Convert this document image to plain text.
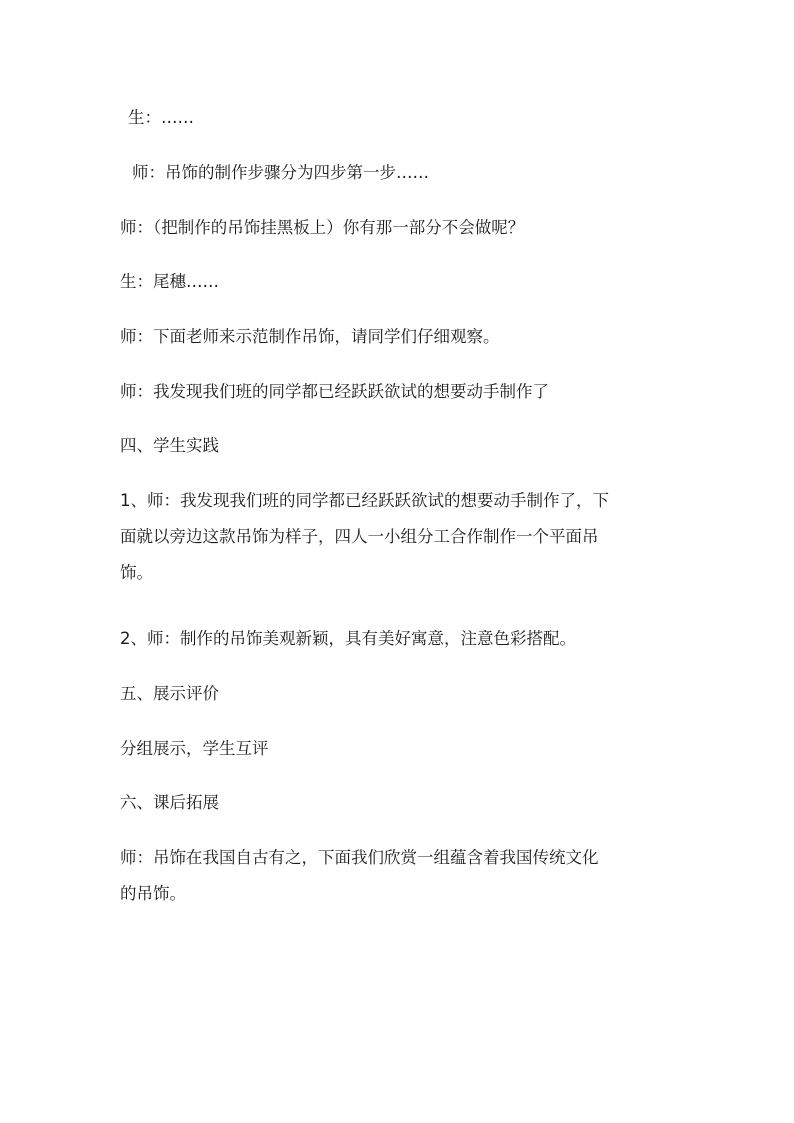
生：……

师：吊饰的制作步骤分为四步第一步……

师：（把制作的吊饰挂黑板上）你有那一部分不会做呢？

生：尾穗……

师：下面老师来示范制作吊饰，请同学们仔细观察。

师：我发现我们班的同学都已经跃跃欲试的想要动手制作了

四、学生实践

1、师：我发现我们班的同学都已经跃跃欲试的想要动手制作了，下
面就以旁边这款吊饰为样子，四人一小组分工合作制作一个平面吊
饰。

2、师：制作的吊饰美观新颖，具有美好寓意，注意色彩搭配。

五、展示评价

分组展示，学生互评

六、课后拓展

师：吊饰在我国自古有之，下面我们欣赏一组蕴含着我国传统文化
的吊饰。
